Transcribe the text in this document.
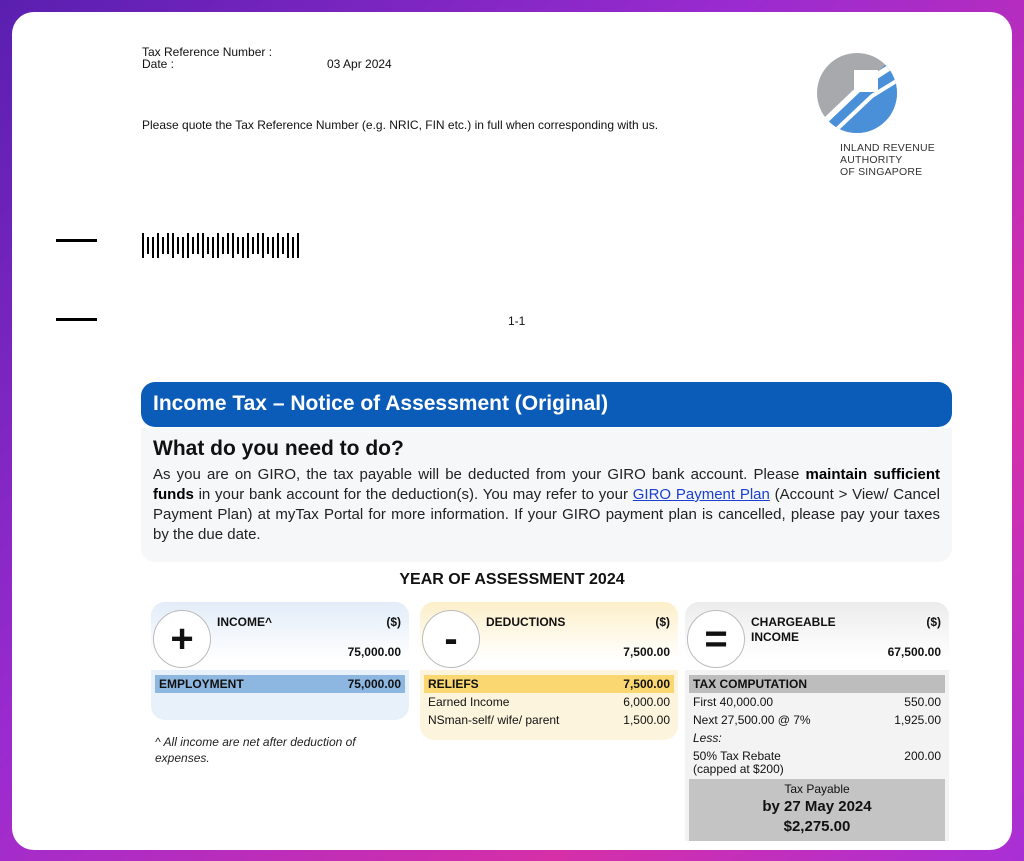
Tax Reference Number :
Date :	03 Apr 2024
Please quote the Tax Reference Number (e.g. NRIC, FIN etc.) in full when corresponding with us.
INLAND REVENUE
AUTHORITY
OF SINGAPORE
1-1
Income Tax – Notice of Assessment (Original)
What do you need to do?

As you are on GIRO, the tax payable will be deducted from your GIRO bank account. Please maintain sufficient funds in your bank account for the deduction(s). You may refer to your GIRO Payment Plan (Account > View/ Cancel Payment Plan) at myTax Portal for more information. If your GIRO payment plan is cancelled, please pay your taxes by the due date.

YEAR OF ASSESSMENT 2024
+	INCOME^	($)
75,000.00
EMPLOYMENT	75,000.00
^ All income are net after deduction of expenses.
-	DEDUCTIONS	($)
7,500.00
RELIEFS	7,500.00
Earned Income	6,000.00
NSman-self/ wife/ parent	1,500.00
=	CHARGEABLE
INCOME
($)
67,500.00
TAX COMPUTATION
First 40,000.00	550.00
Next 27,500.00 @ 7%	1,925.00
Less:
50% Tax Rebate
(capped at $200)
200.00
Tax Payable
by 27 May 2024
$2,275.00
